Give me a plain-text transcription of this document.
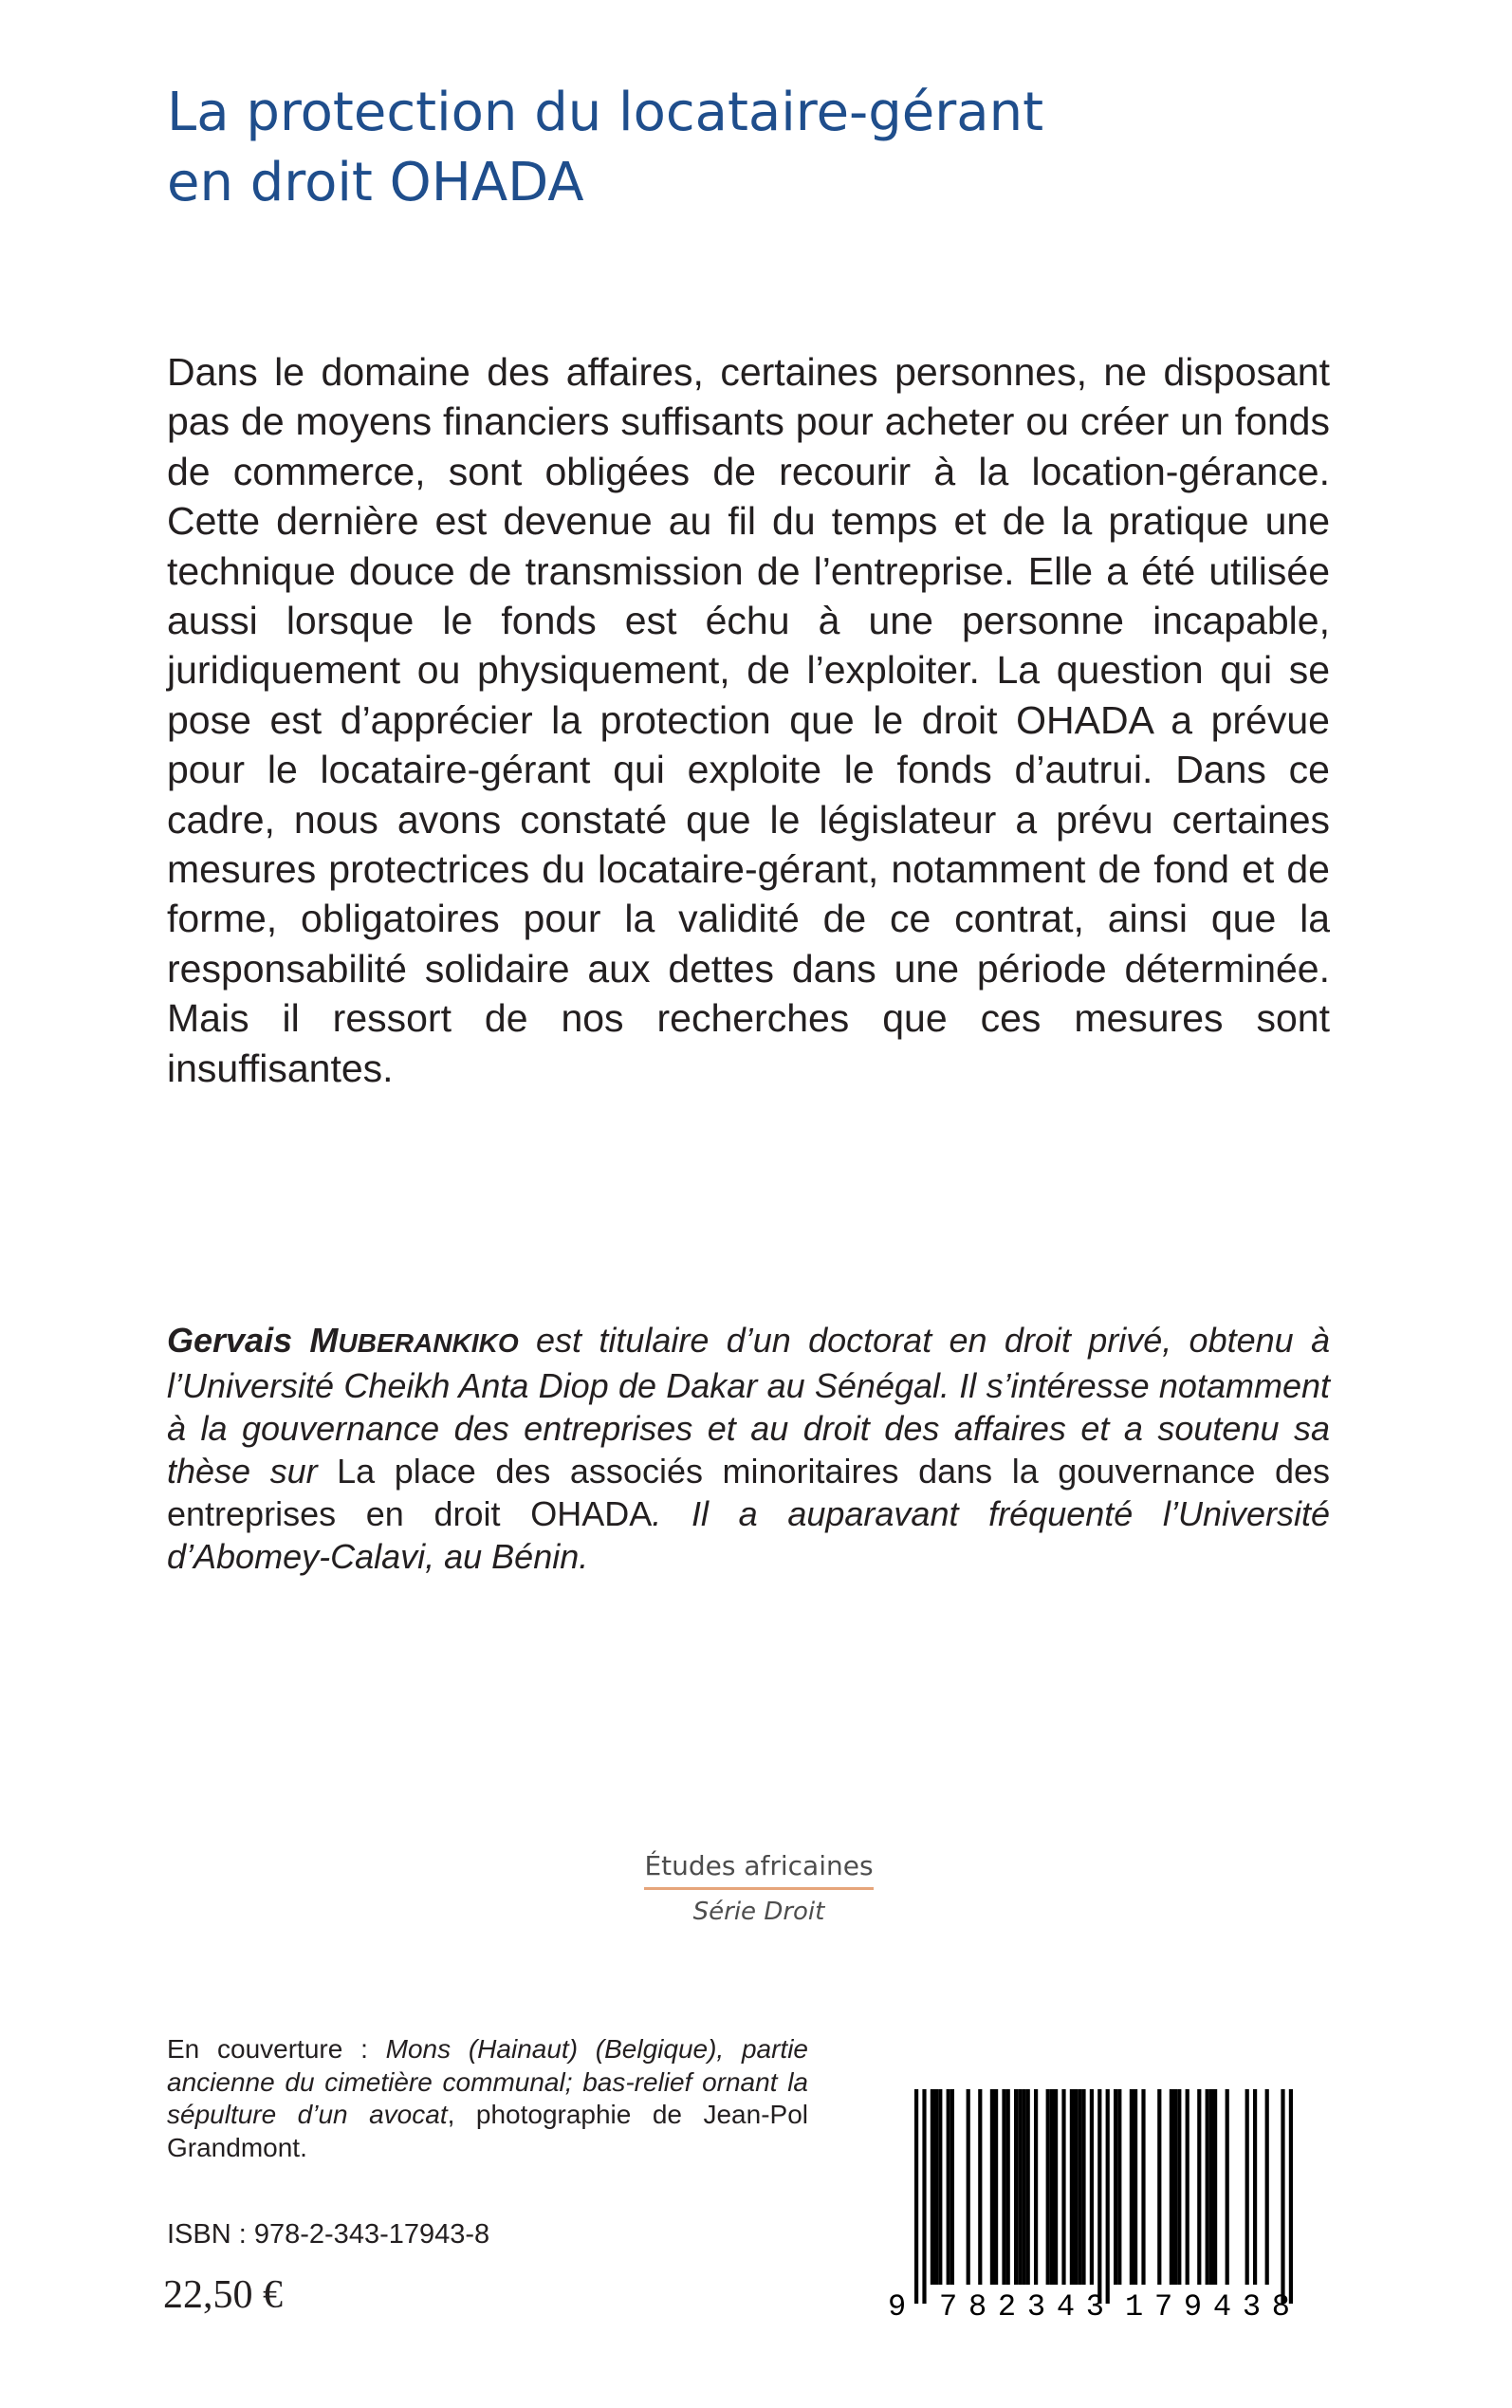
La protection du locataire-gérant
en droit OHADA

Dans le domaine des affaires, certaines personnes, ne disposant pas de moyens financiers suffisants pour acheter ou créer un fonds de commerce, sont obligées de recourir à la location-gérance. Cette dernière est devenue au fil du temps et de la pratique une technique douce de transmission de l’entreprise. Elle a été utilisée aussi lorsque le fonds est échu à une personne incapable, juridiquement ou physiquement, de l’exploiter. La question qui se pose est d’apprécier la protection que le droit OHADA a prévue pour le locataire-gérant qui exploite le fonds d’autrui. Dans ce cadre, nous avons constaté que le législateur a prévu certaines mesures protectrices du locataire-gérant, notamment de fond et de forme, obligatoires pour la validité de ce contrat, ainsi que la responsabilité solidaire aux dettes dans une période déterminée. Mais il ressort de nos recherches que ces mesures sont insuffisantes.

Gervais MUBERANKIKO est titulaire d’un doctorat en droit privé, obtenu à l’Université Cheikh Anta Diop de Dakar au Sénégal. Il s’intéresse notamment à la gouvernance des entreprises et au droit des affaires et a soutenu sa thèse sur La place des associés minoritaires dans la gouvernance des entreprises en droit OHADA. Il a auparavant fréquenté l’Université d’Abomey-Calavi, au Bénin.

Études africaines
Série Droit

En couverture : Mons (Hainaut) (Belgique), partie ancienne du cimetière communal; bas-relief ornant la sépulture d’un avocat, photographie de Jean-Pol Grandmont.

ISBN : 978-2-343-17943-8
22,50 €	9 782343 179438
